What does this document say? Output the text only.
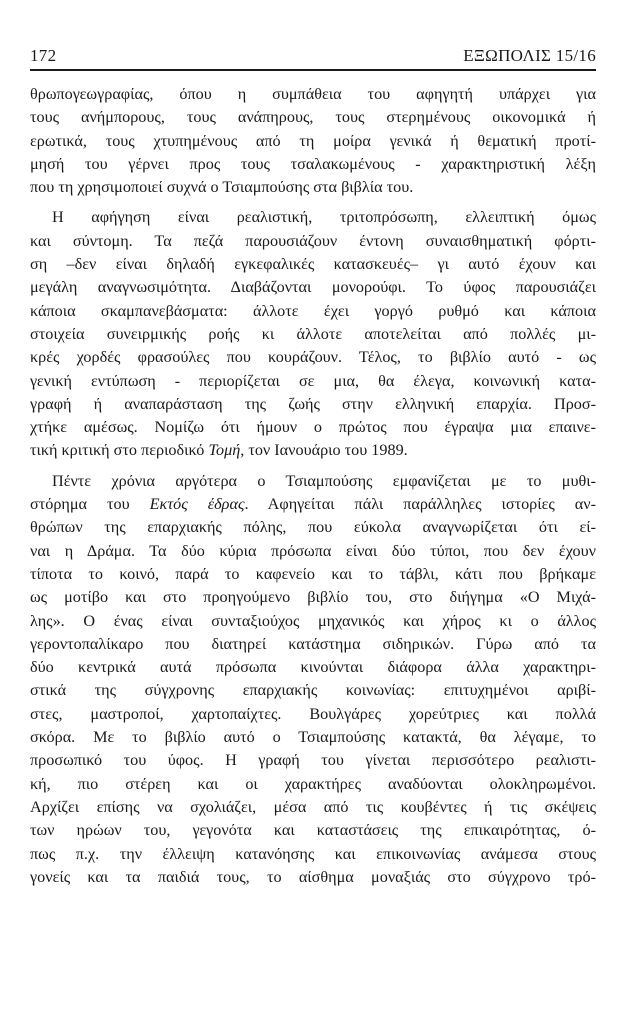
172	ΕΞΩΠΟΛΙΣ 15/16

θρωπογεωγραφίας, όπου η συμπάθεια του αφηγητή υπάρχει για
τους ανήμπορους, τους ανάπηρους, τους στερημένους οικονομικά ή
ερωτικά, τους χτυπημένους από τη μοίρα γενικά ή θεματική προτί-
μησή του γέρνει προς τους τσαλακωμένους - χαρακτηριστική λέξη
που τη χρησιμοποιεί συχνά ο Τσιαμπούσης στα βιβλία του.

Η αφήγηση είναι ρεαλιστική, τριτοπρόσωπη, ελλειπτική όμως
και σύντομη. Τα πεζά παρουσιάζουν έντονη συναισθηματική φόρτι-
ση –δεν είναι δηλαδή εγκεφαλικές κατασκευές– γι αυτό έχουν και
μεγάλη αναγνωσιμότητα. Διαβάζονται μονορούφι. Το ύφος παρουσιάζει
κάποια σκαμπανεβάσματα: άλλοτε έχει γοργό ρυθμό και κάποια
στοιχεία συνειρμικής ροής κι άλλοτε αποτελείται από πολλές μι-
κρές χορδές φρασούλες που κουράζουν. Τέλος, το βιβλίο αυτό - ως
γενική εντύπωση - περιορίζεται σε μια, θα έλεγα, κοινωνική κατα-
γραφή ή αναπαράσταση της ζωής στην ελληνική επαρχία. Προσ-
χτήκε αμέσως. Νομίζω ότι ήμουν ο πρώτος που έγραψα μια επαινε-
τική κριτική στο περιοδικό Τομή, τον Ιανουάριο του 1989.

Πέντε χρόνια αργότερα ο Τσιαμπούσης εμφανίζεται με το μυθι-
στόρημα του Εκτός έδρας. Αφηγείται πάλι παράλληλες ιστορίες αν-
θρώπων της επαρχιακής πόλης, που εύκολα αναγνωρίζεται ότι εί-
ναι η Δράμα. Τα δύο κύρια πρόσωπα είναι δύο τύποι, που δεν έχουν
τίποτα το κοινό, παρά το καφενείο και το τάβλι, κάτι που βρήκαμε
ως μοτίβο και στο προηγούμενο βιβλίο του, στο διήγημα «Ο Μιχά-
λης». Ο ένας είναι συνταξιούχος μηχανικός και χήρος κι ο άλλος
γεροντοπαλίκαρο που διατηρεί κατάστημα σιδηρικών. Γύρω από τα
δύο κεντρικά αυτά πρόσωπα κινούνται διάφορα άλλα χαρακτηρι-
στικά της σύγχρονης επαρχιακής κοινωνίας: επιτυχημένοι αριβί-
στες, μαστροποί, χαρτοπαίχτες. Βουλγάρες χορεύτριες και πολλά
σκόρα. Με το βιβλίο αυτό ο Τσιαμπούσης κατακτά, θα λέγαμε, το
προσωπικό του ύφος. Η γραφή του γίνεται περισσότερο ρεαλιστι-
κή, πιο στέρεη και οι χαρακτήρες αναδύονται ολοκληρωμένοι.
Αρχίζει επίσης να σχολιάζει, μέσα από τις κουβέντες ή τις σκέψεις
των ηρώων του, γεγονότα και καταστάσεις της επικαιρότητας, ό-
πως π.χ. την έλλειψη κατανόησης και επικοινωνίας ανάμεσα στους
γονείς και τα παιδιά τους, το αίσθημα μοναξιάς στο σύγχρονο τρό-
